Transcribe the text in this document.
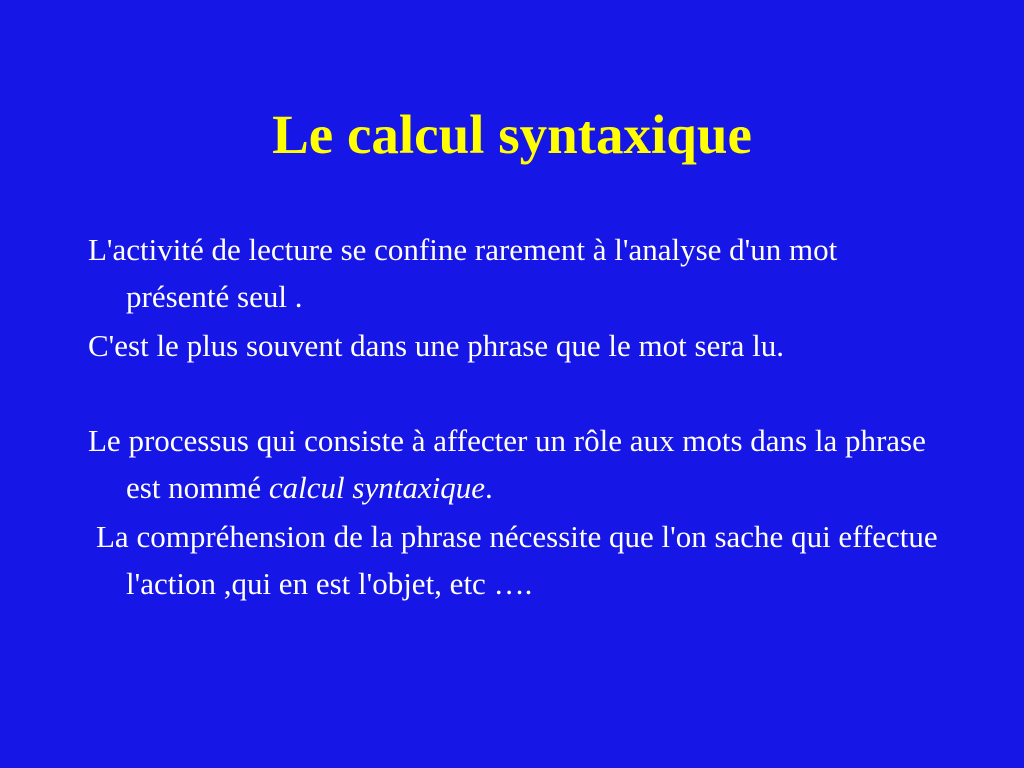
Le calcul syntaxique

L'activité de lecture se confine rarement à l'analyse d'un mot présenté seul .

C'est le plus souvent dans une phrase que le mot sera lu.

Le processus qui consiste à affecter un rôle aux mots dans la phrase est nommé calcul syntaxique.

La compréhension de la phrase nécessite que l'on sache qui effectue l'action ,qui en est l'objet, etc ….
